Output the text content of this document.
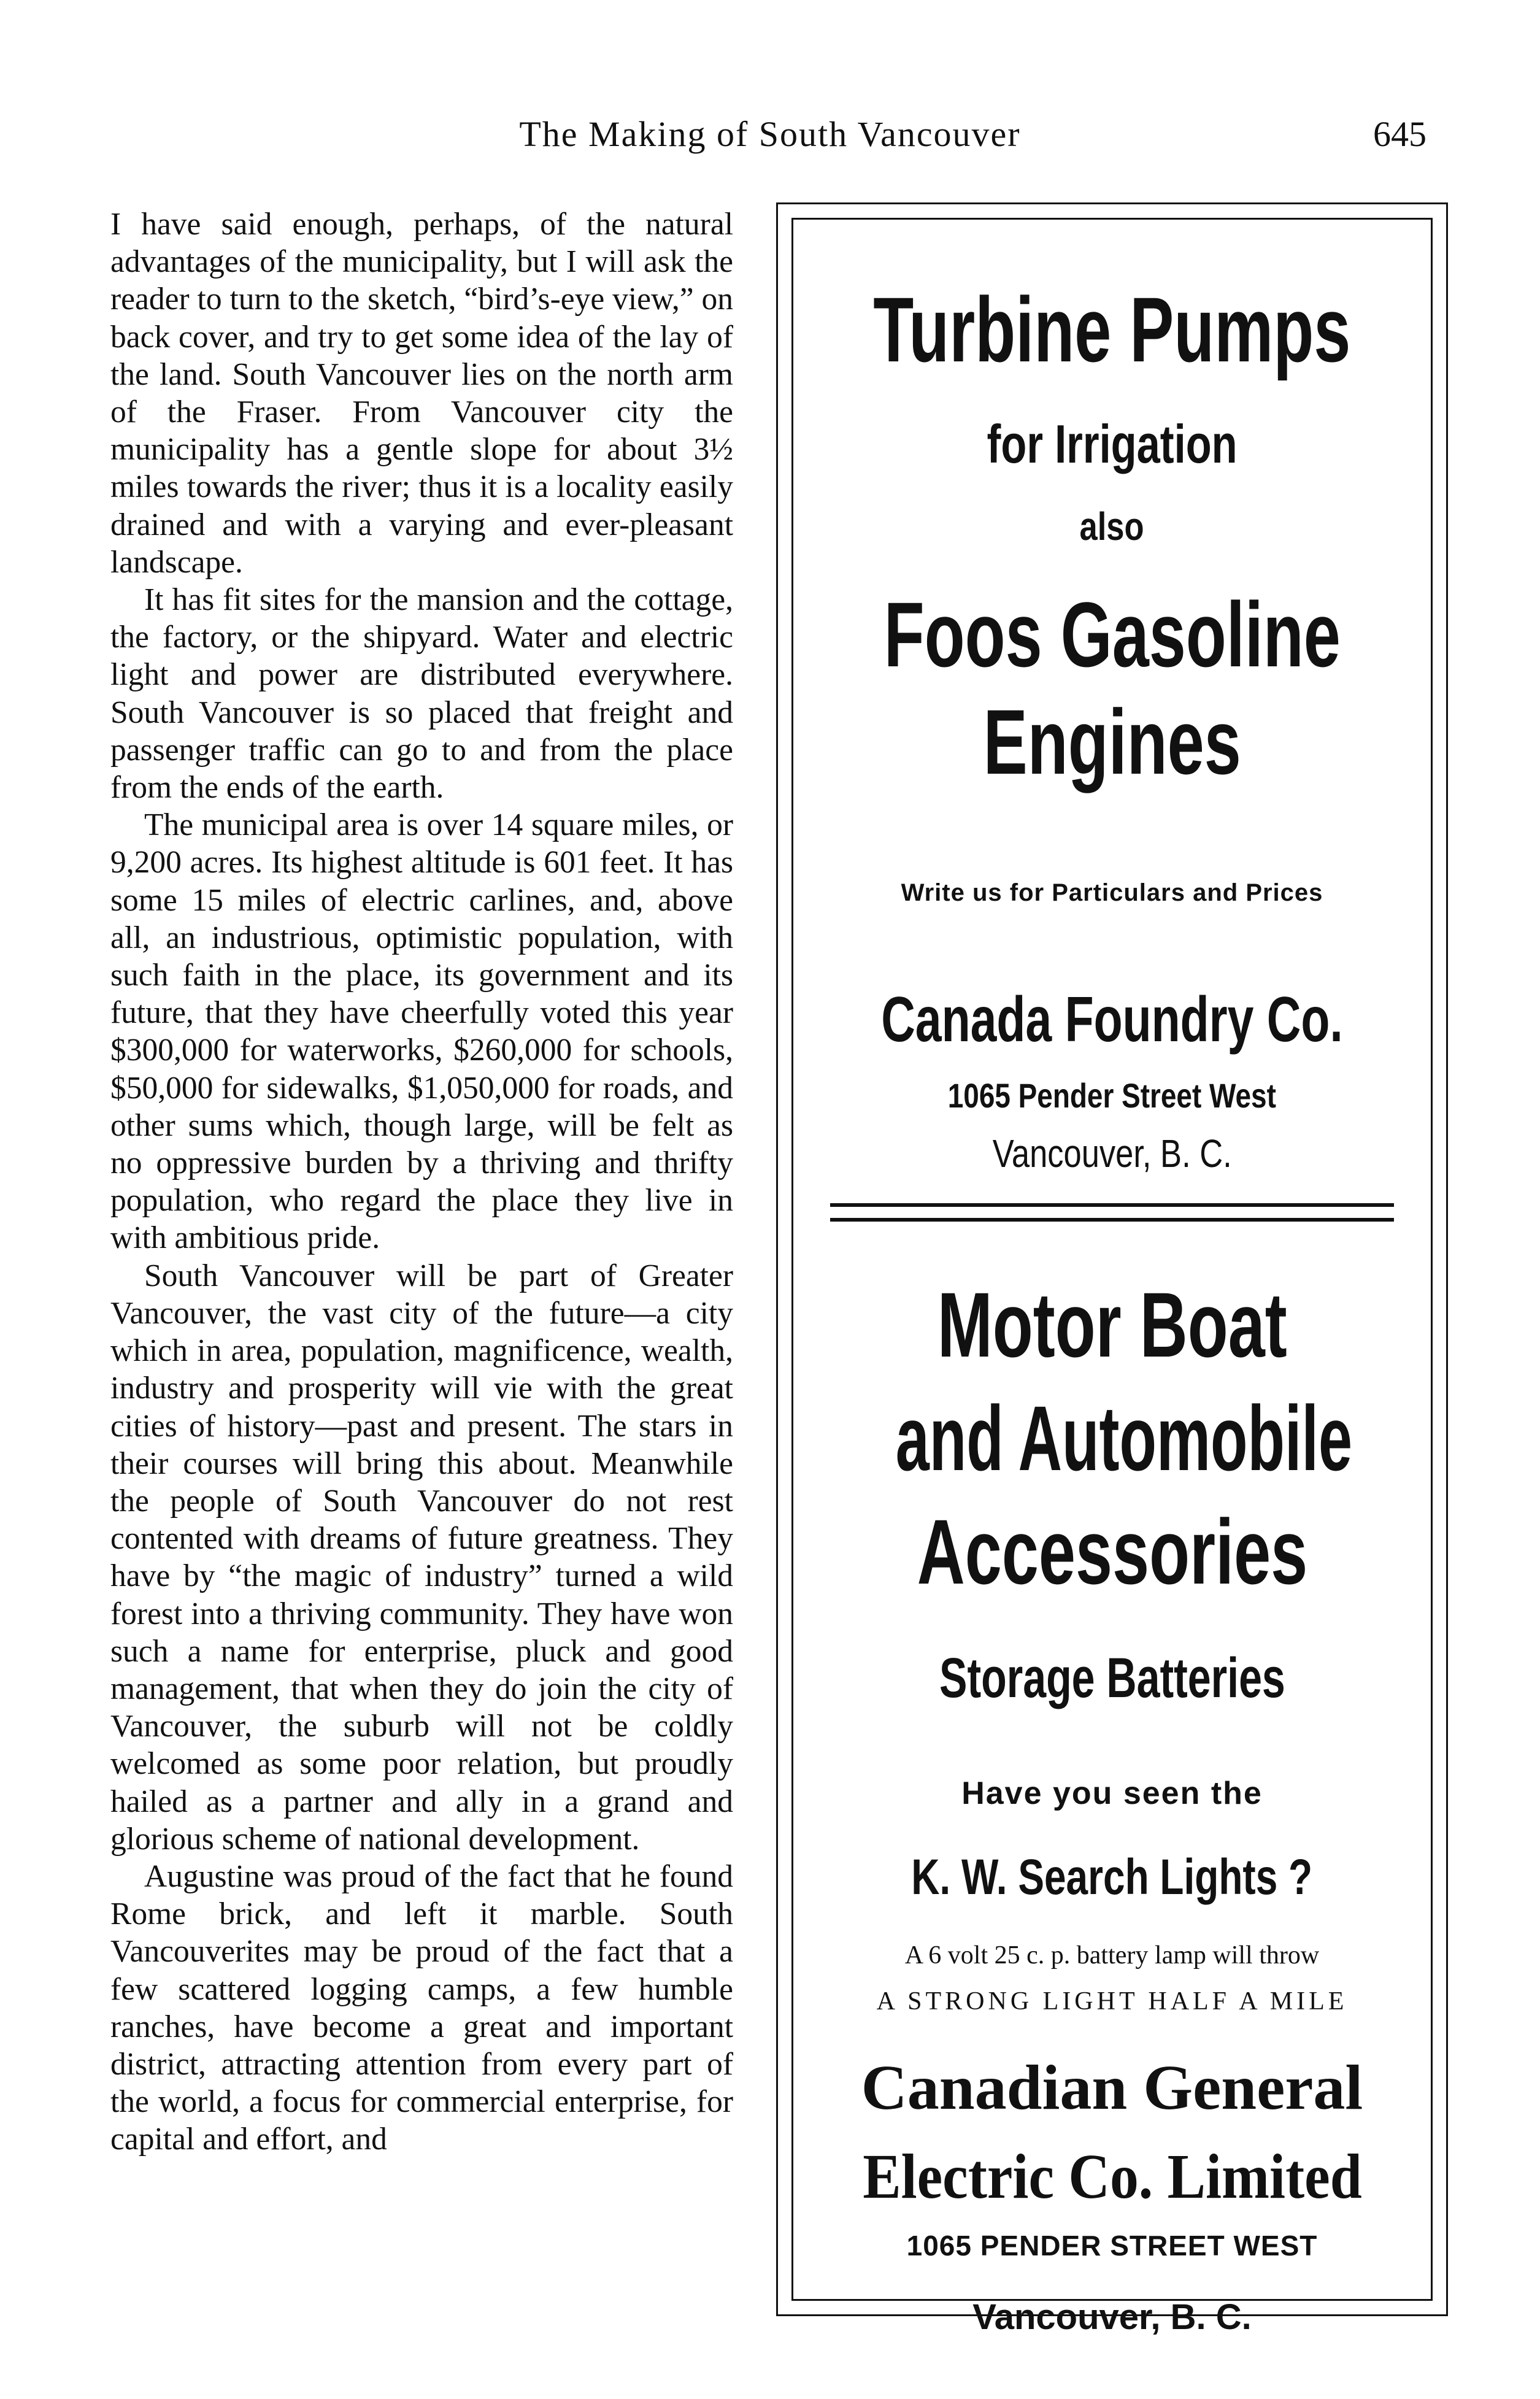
The Making of South Vancouver	645

I have said enough, perhaps, of the natural advantages of the municipality, but I will ask the reader to turn to the sketch, “bird’s-eye view,” on back cover, and try to get some idea of the lay of the land. South Vancouver lies on the north arm of the Fraser. From Vancouver city the municipality has a gentle slope for about 3½ miles towards the river; thus it is a locality easily drained and with a varying and ever-pleasant landscape.

It has fit sites for the mansion and the cottage, the factory, or the shipyard. Water and electric light and power are distributed everywhere. South Vancouver is so placed that freight and passenger traffic can go to and from the place from the ends of the earth.

The municipal area is over 14 square miles, or 9,200 acres. Its highest altitude is 601 feet. It has some 15 miles of electric carlines, and, above all, an industrious, optimistic population, with such faith in the place, its government and its future, that they have cheerfully voted this year $300,000 for waterworks, $260,000 for schools, $50,000 for sidewalks, $1,050,000 for roads, and other sums which, though large, will be felt as no oppressive burden by a thriving and thrifty population, who regard the place they live in with ambitious pride.

South Vancouver will be part of Greater Vancouver, the vast city of the future—a city which in area, population, magnificence, wealth, industry and prosperity will vie with the great cities of history—past and present. The stars in their courses will bring this about. Meanwhile the people of South Vancouver do not rest contented with dreams of future greatness. They have by “the magic of industry” turned a wild forest into a thriving community. They have won such a name for enterprise, pluck and good management, that when they do join the city of Vancouver, the suburb will not be coldly welcomed as some poor relation, but proudly hailed as a partner and ally in a grand and glorious scheme of national development.

Augustine was proud of the fact that he found Rome brick, and left it marble. South Vancouverites may be proud of the fact that a few scattered logging camps, a few humble ranches, have become a great and important district, attracting attention from every part of the world, a focus for commercial enterprise, for capital and effort, and

Turbine Pumps
for Irrigation
also
Foos Gasoline
Engines
Write us for Particulars and Prices
Canada Foundry Co.
1065 Pender Street West
Vancouver, B. C.
Motor Boat
and Automobile
Accessories
Storage Batteries
Have you seen the
K. W. Search Lights ?
A 6 volt 25 c. p. battery lamp will throw
A STRONG LIGHT HALF A MILE
Canadian General
Electric Co. Limited
1065 PENDER STREET WEST
Vancouver, B. C.
